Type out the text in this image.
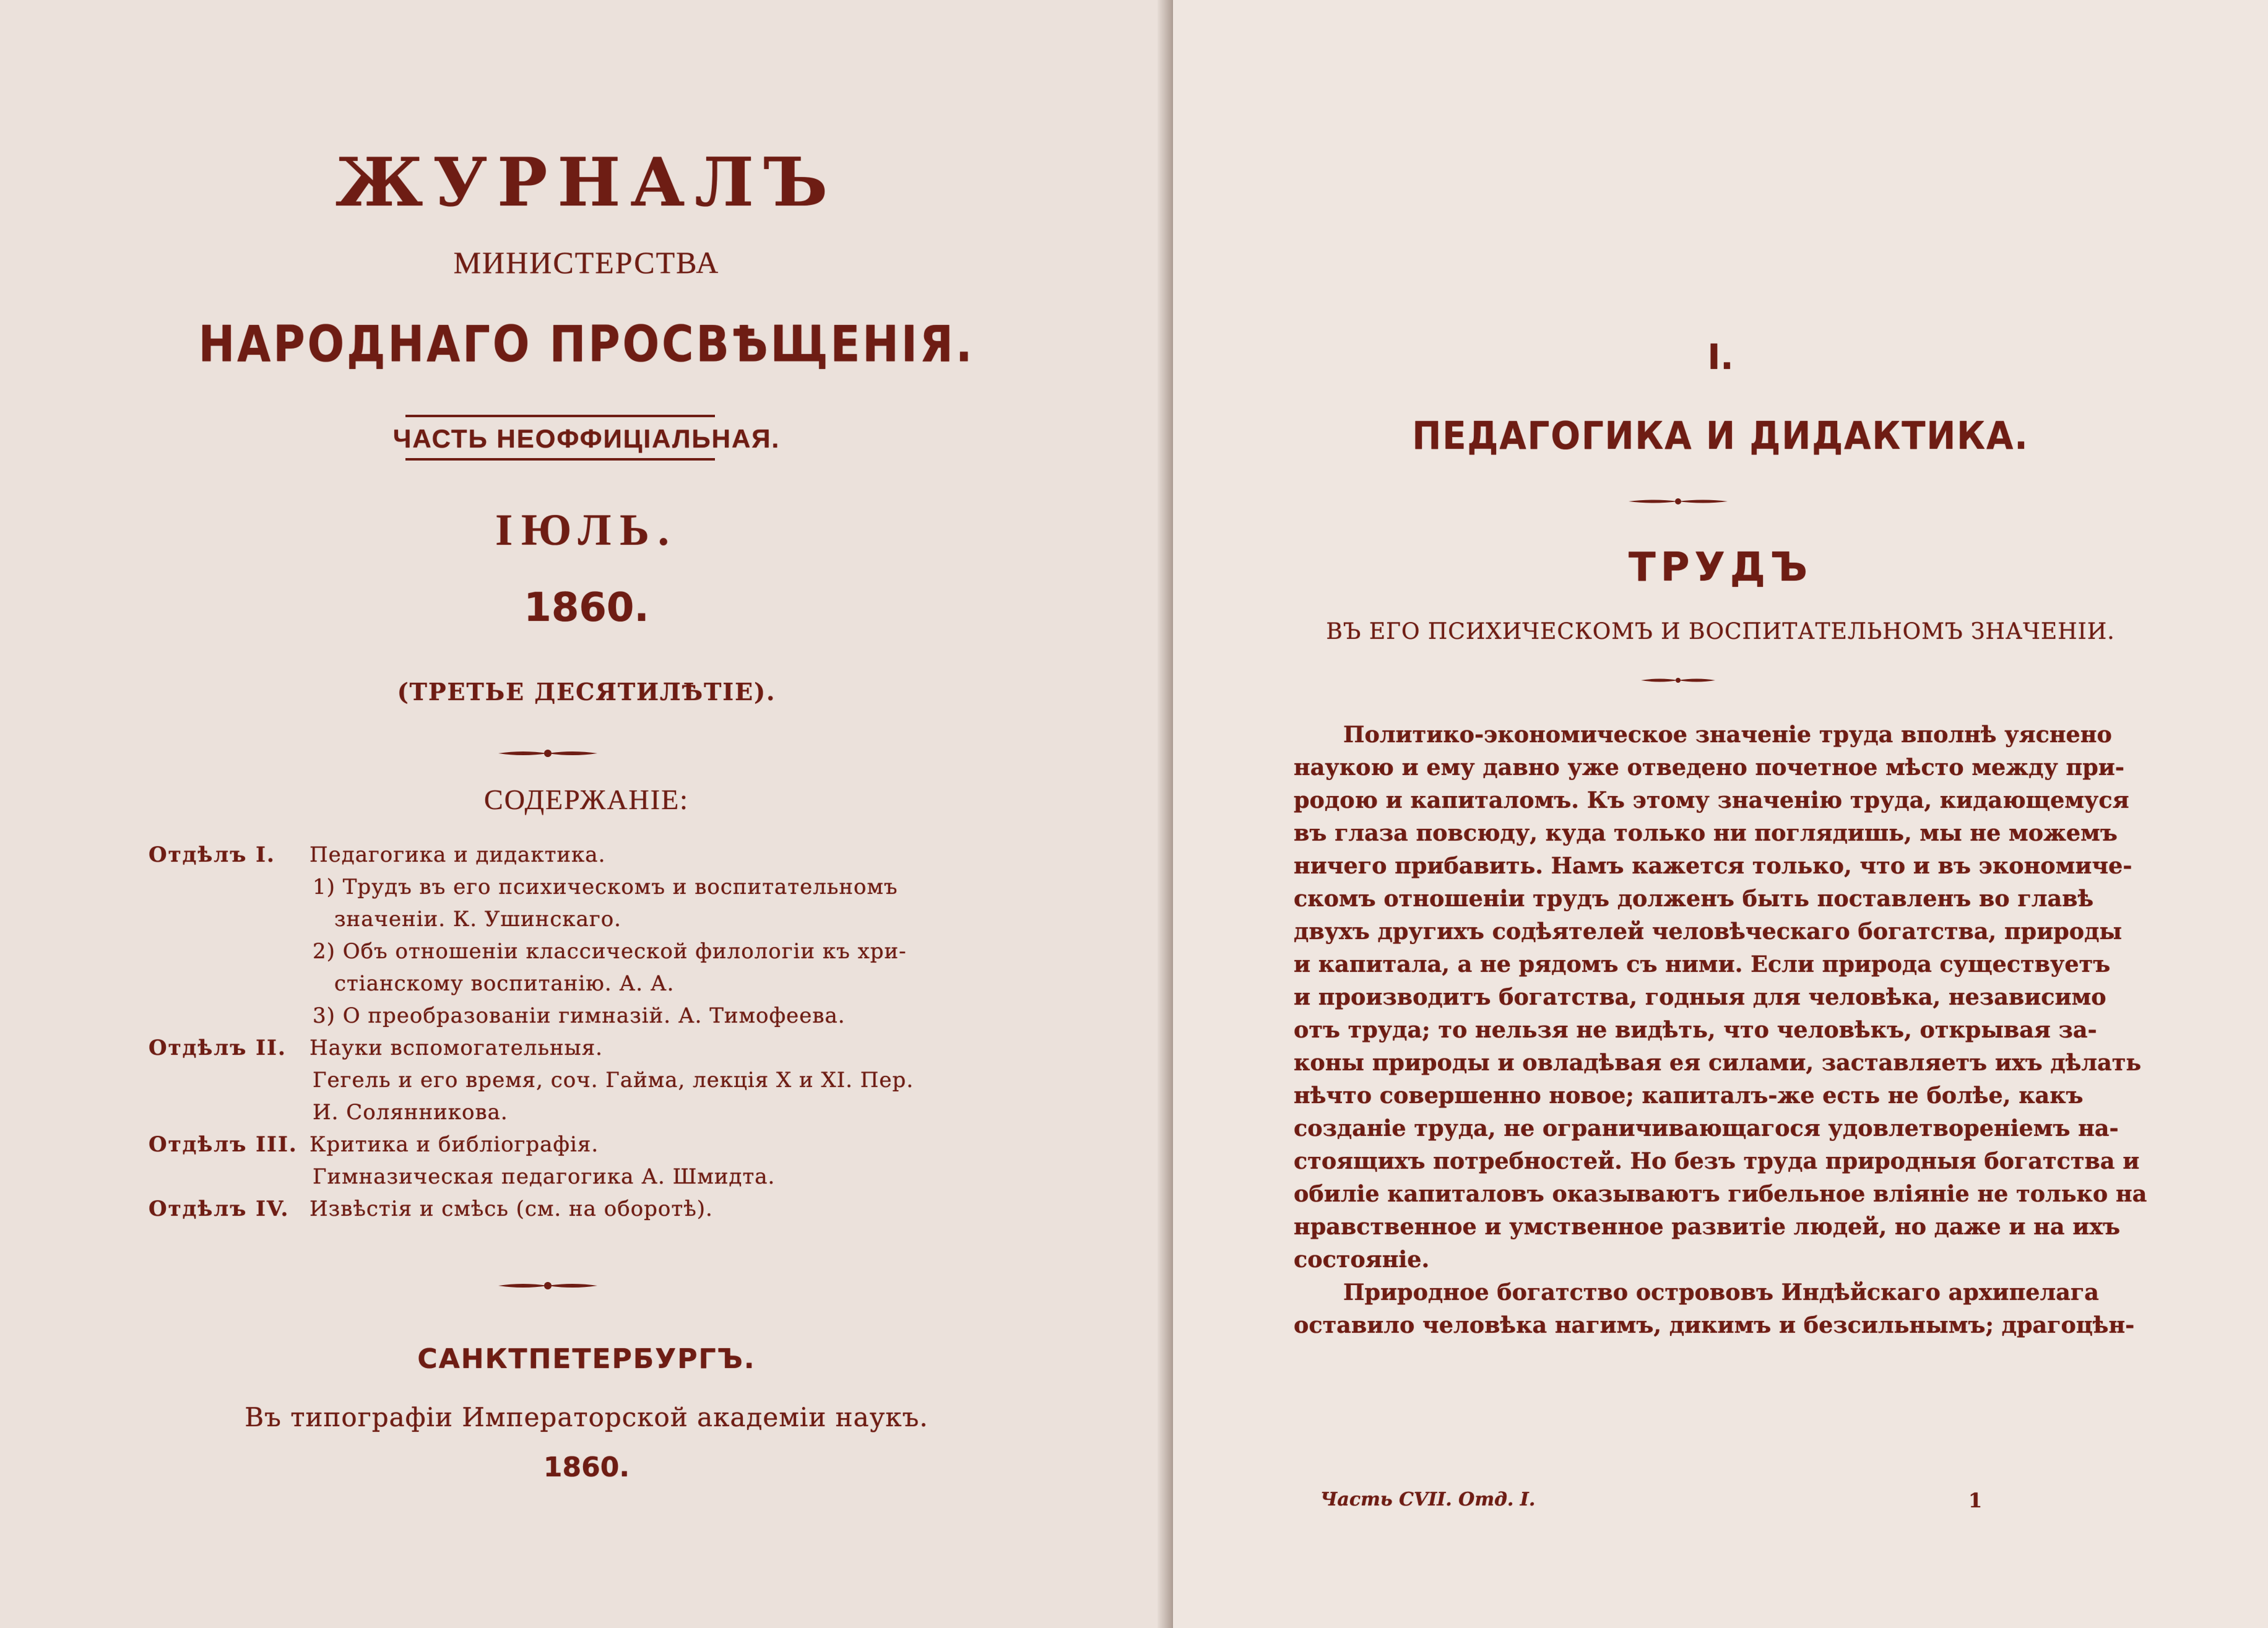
ЖУРНАЛЪ
МИНИСТЕРСТВА
НАРОДНАГО ПРОСВѢЩЕНІЯ.
ЧАСТЬ НЕОФФИЦІАЛЬНАЯ.
ІЮЛЬ.
1860.
(ТРЕТЬЕ ДЕСЯТИЛѢТІЕ).
СОДЕРЖАНІЕ:
Отдѣлъ I. Педагогика и дидактика.
1) Трудъ въ его психическомъ и воспитательномъ
значеніи. К. Ушинскаго.
2) Объ отношеніи классической филологіи къ хри-
стіанскому воспитанію. А. А.
3) О преобразованіи гимназій. А. Тимофеева.
Отдѣлъ II. Науки вспомогательныя.
Гегель и его время, соч. Гайма, лекція X и XI. Пер.
И. Солянникова.
Отдѣлъ III. Критика и библіографія.
Гимназическая педагогика А. Шмидта.
Отдѣлъ IV. Извѣстія и смѣсь (см. на оборотѣ).
САНКТПЕТЕРБУРГЪ.
Въ типографіи Императорской академіи наукъ.
1860.
I.
ПЕДАГОГИКА И ДИДАКТИКА.
ТРУДЪ
ВЪ ЕГО ПСИХИЧЕСКОМЪ И ВОСПИТАТЕЛЬНОМЪ ЗНАЧЕНІИ.
Политико-экономическое значеніе труда вполнѣ уяснено
наукою и ему давно уже отведено почетное мѣсто между при-
родою и капиталомъ. Къ этому значенію труда, кидающемуся
въ глаза повсюду, куда только ни поглядишь, мы не можемъ
ничего прибавить. Намъ кажется только, что и въ экономиче-
скомъ отношеніи трудъ долженъ быть поставленъ во главѣ
двухъ другихъ содѣятелей человѣческаго богатства, природы
и капитала, а не рядомъ съ ними. Если природа существуетъ
и производитъ богатства, годныя для человѣка, независимо
отъ труда; то нельзя не видѣть, что человѣкъ, открывая за-
коны природы и овладѣвая ея силами, заставляетъ ихъ дѣлать
нѣчто совершенно новое; капиталъ-же есть не болѣе, какъ
созданіе труда, не ограничивающагося удовлетвореніемъ на-
стоящихъ потребностей. Но безъ труда природныя богатства и
обиліе капиталовъ оказываютъ гибельное вліяніе не только на
нравственное и умственное развитіе людей, но даже и на ихъ
состояніе.
Природное богатство острововъ Индѣйскаго архипелага
оставило человѣка нагимъ, дикимъ и безсильнымъ; драгоцѣн-
Часть CVII. Отд. I.	1
